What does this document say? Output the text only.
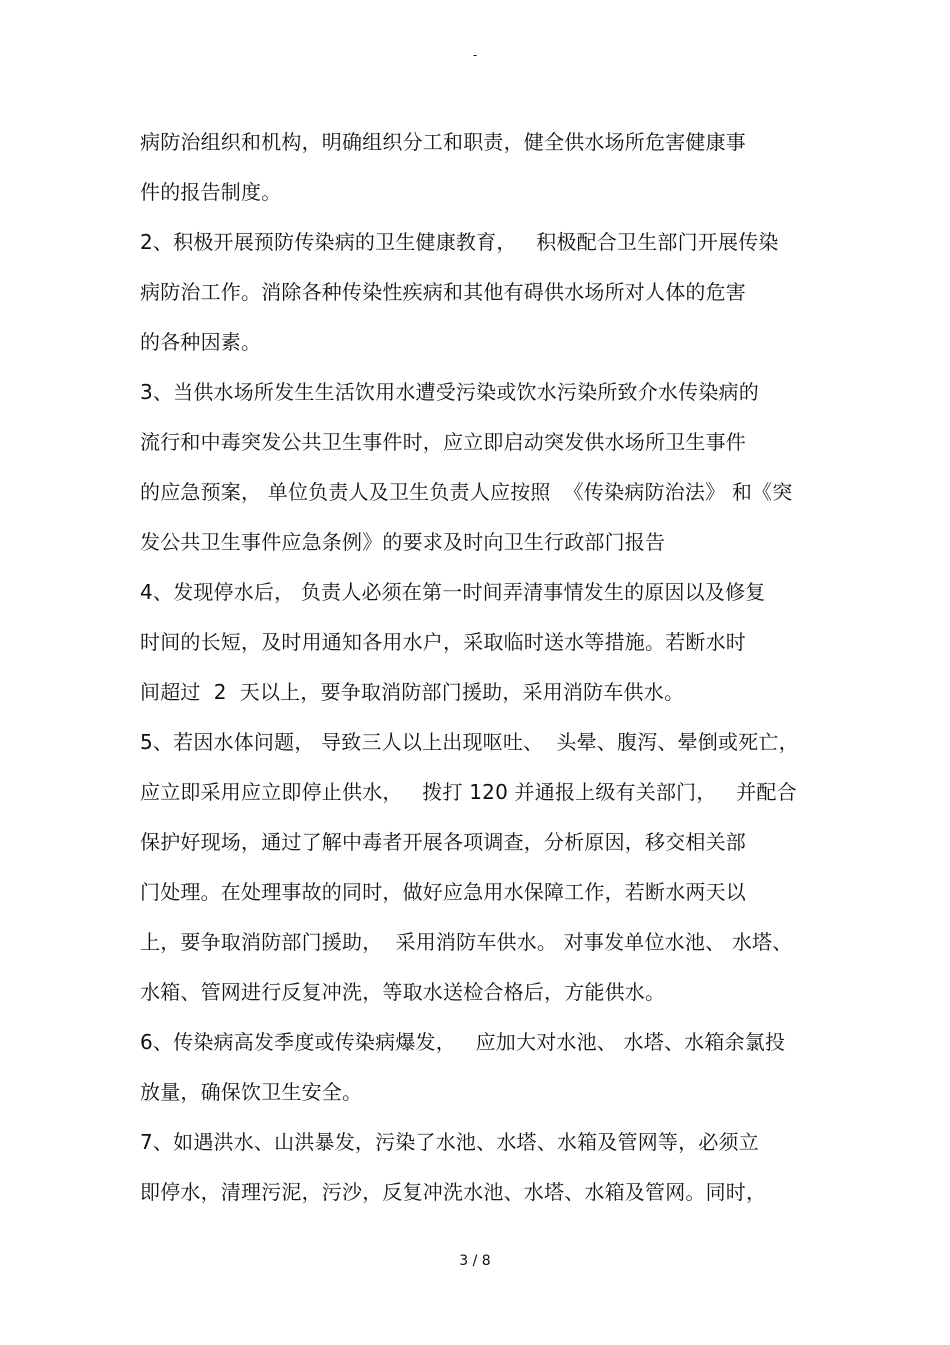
-
病防治组织和机构，明确组织分工和职责，健全供水场所危害健康事
件的报告制度。
2、积极开展预防传染病的卫生健康教育，   积极配合卫生部门开展传染
病防治工作。消除各种传染性疾病和其他有碍供水场所对人体的危害
的各种因素。
3、当供水场所发生生活饮用水遭受污染或饮水污染所致介水传染病的
流行和中毒突发公共卫生事件时，应立即启动突发供水场所卫生事件
的应急预案， 单位负责人及卫生负责人应按照  《传染病防治法》 和《突
发公共卫生事件应急条例》的要求及时向卫生行政部门报告
4、发现停水后， 负责人必须在第一时间弄清事情发生的原因以及修复
时间的长短，及时用通知各用水户，采取临时送水等措施。若断水时
间超过  2  天以上，要争取消防部门援助，采用消防车供水。
5、若因水体问题， 导致三人以上出现呕吐、  头晕、腹泻、晕倒或死亡，
应立即采用应立即停止供水，   拨打 120 并通报上级有关部门，   并配合
保护好现场，通过了解中毒者开展各项调查，分析原因，移交相关部
门处理。在处理事故的同时，做好应急用水保障工作，若断水两天以
上，要争取消防部门援助，  采用消防车供水。 对事发单位水池、 水塔、
水箱、管网进行反复冲洗，等取水送检合格后，方能供水。
6、传染病高发季度或传染病爆发，   应加大对水池、 水塔、水箱余氯投
放量，确保饮卫生安全。
7、如遇洪水、山洪暴发，污染了水池、水塔、水箱及管网等，必须立
即停水，清理污泥，污沙，反复冲洗水池、水塔、水箱及管网。同时，
3 / 8
